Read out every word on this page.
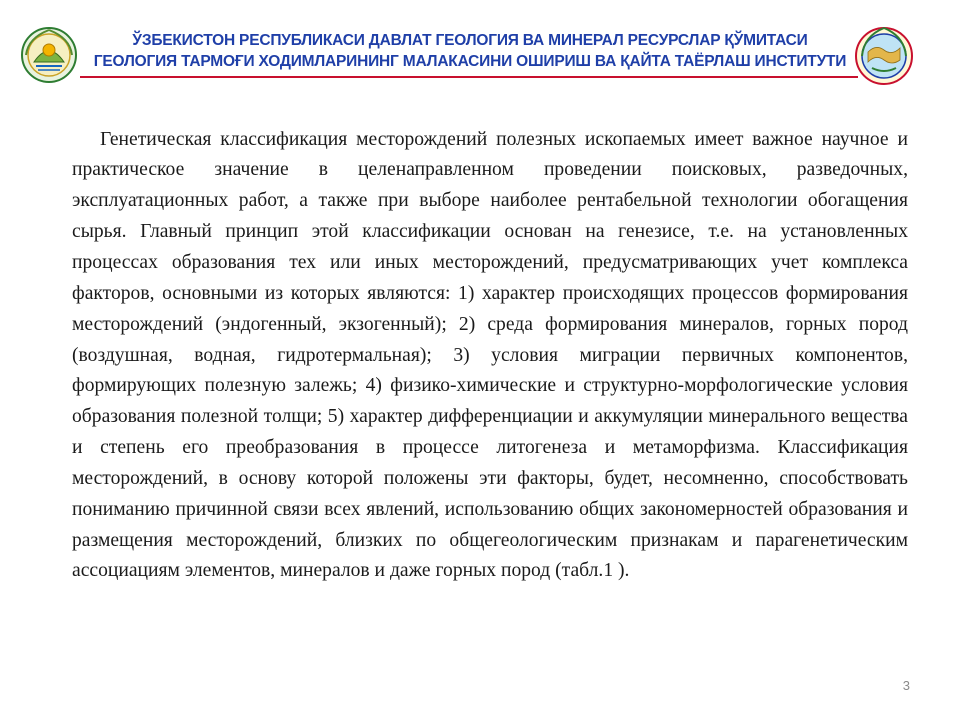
ЎЗБЕКИСТОН РЕСПУБЛИКАСИ ДАВЛАТ ГЕОЛОГИЯ ВА МИНЕРАЛ РЕСУРСЛАР ҚЎМИТАСИ
ГЕОЛОГИЯ ТАРМОҒИ ХОДИМЛАРИНИНГ МАЛАКАСИНИ ОШИРИШ ВА ҚАЙТА ТАЁРЛАШ ИНСТИТУТИ

Генетическая классификация месторождений полезных ископаемых имеет важное научное и практическое значение в целенаправленном проведении поисковых, разведочных, эксплуатационных работ, а также при выборе наиболее рентабельной технологии обогащения сырья. Главный принцип этой классификации основан на генезисе, т.е. на установленных процессах образования тех или иных месторождений, предусматривающих учет комплекса факторов, основными из которых являются: 1) характер происходящих процессов формирования месторождений (эндогенный, экзогенный); 2) среда формирования минералов, горных пород (воздушная, водная, гидротермальная); 3) условия миграции первичных компонентов, формирующих полезную залежь; 4) физико-химические и структурно-морфологические условия образования полезной толщи; 5) характер дифференциации и аккумуляции минерального вещества и степень его преобразования в процессе литогенеза и метаморфизма. Классификация месторождений, в основу которой положены эти факторы, будет, несомненно, способствовать пониманию причинной связи всех явлений, использованию общих закономерностей образования и размещения месторождений, близких по общегеологическим признакам и парагенетическим ассоциациям элементов, минералов и даже горных пород (табл.1 ).

3
